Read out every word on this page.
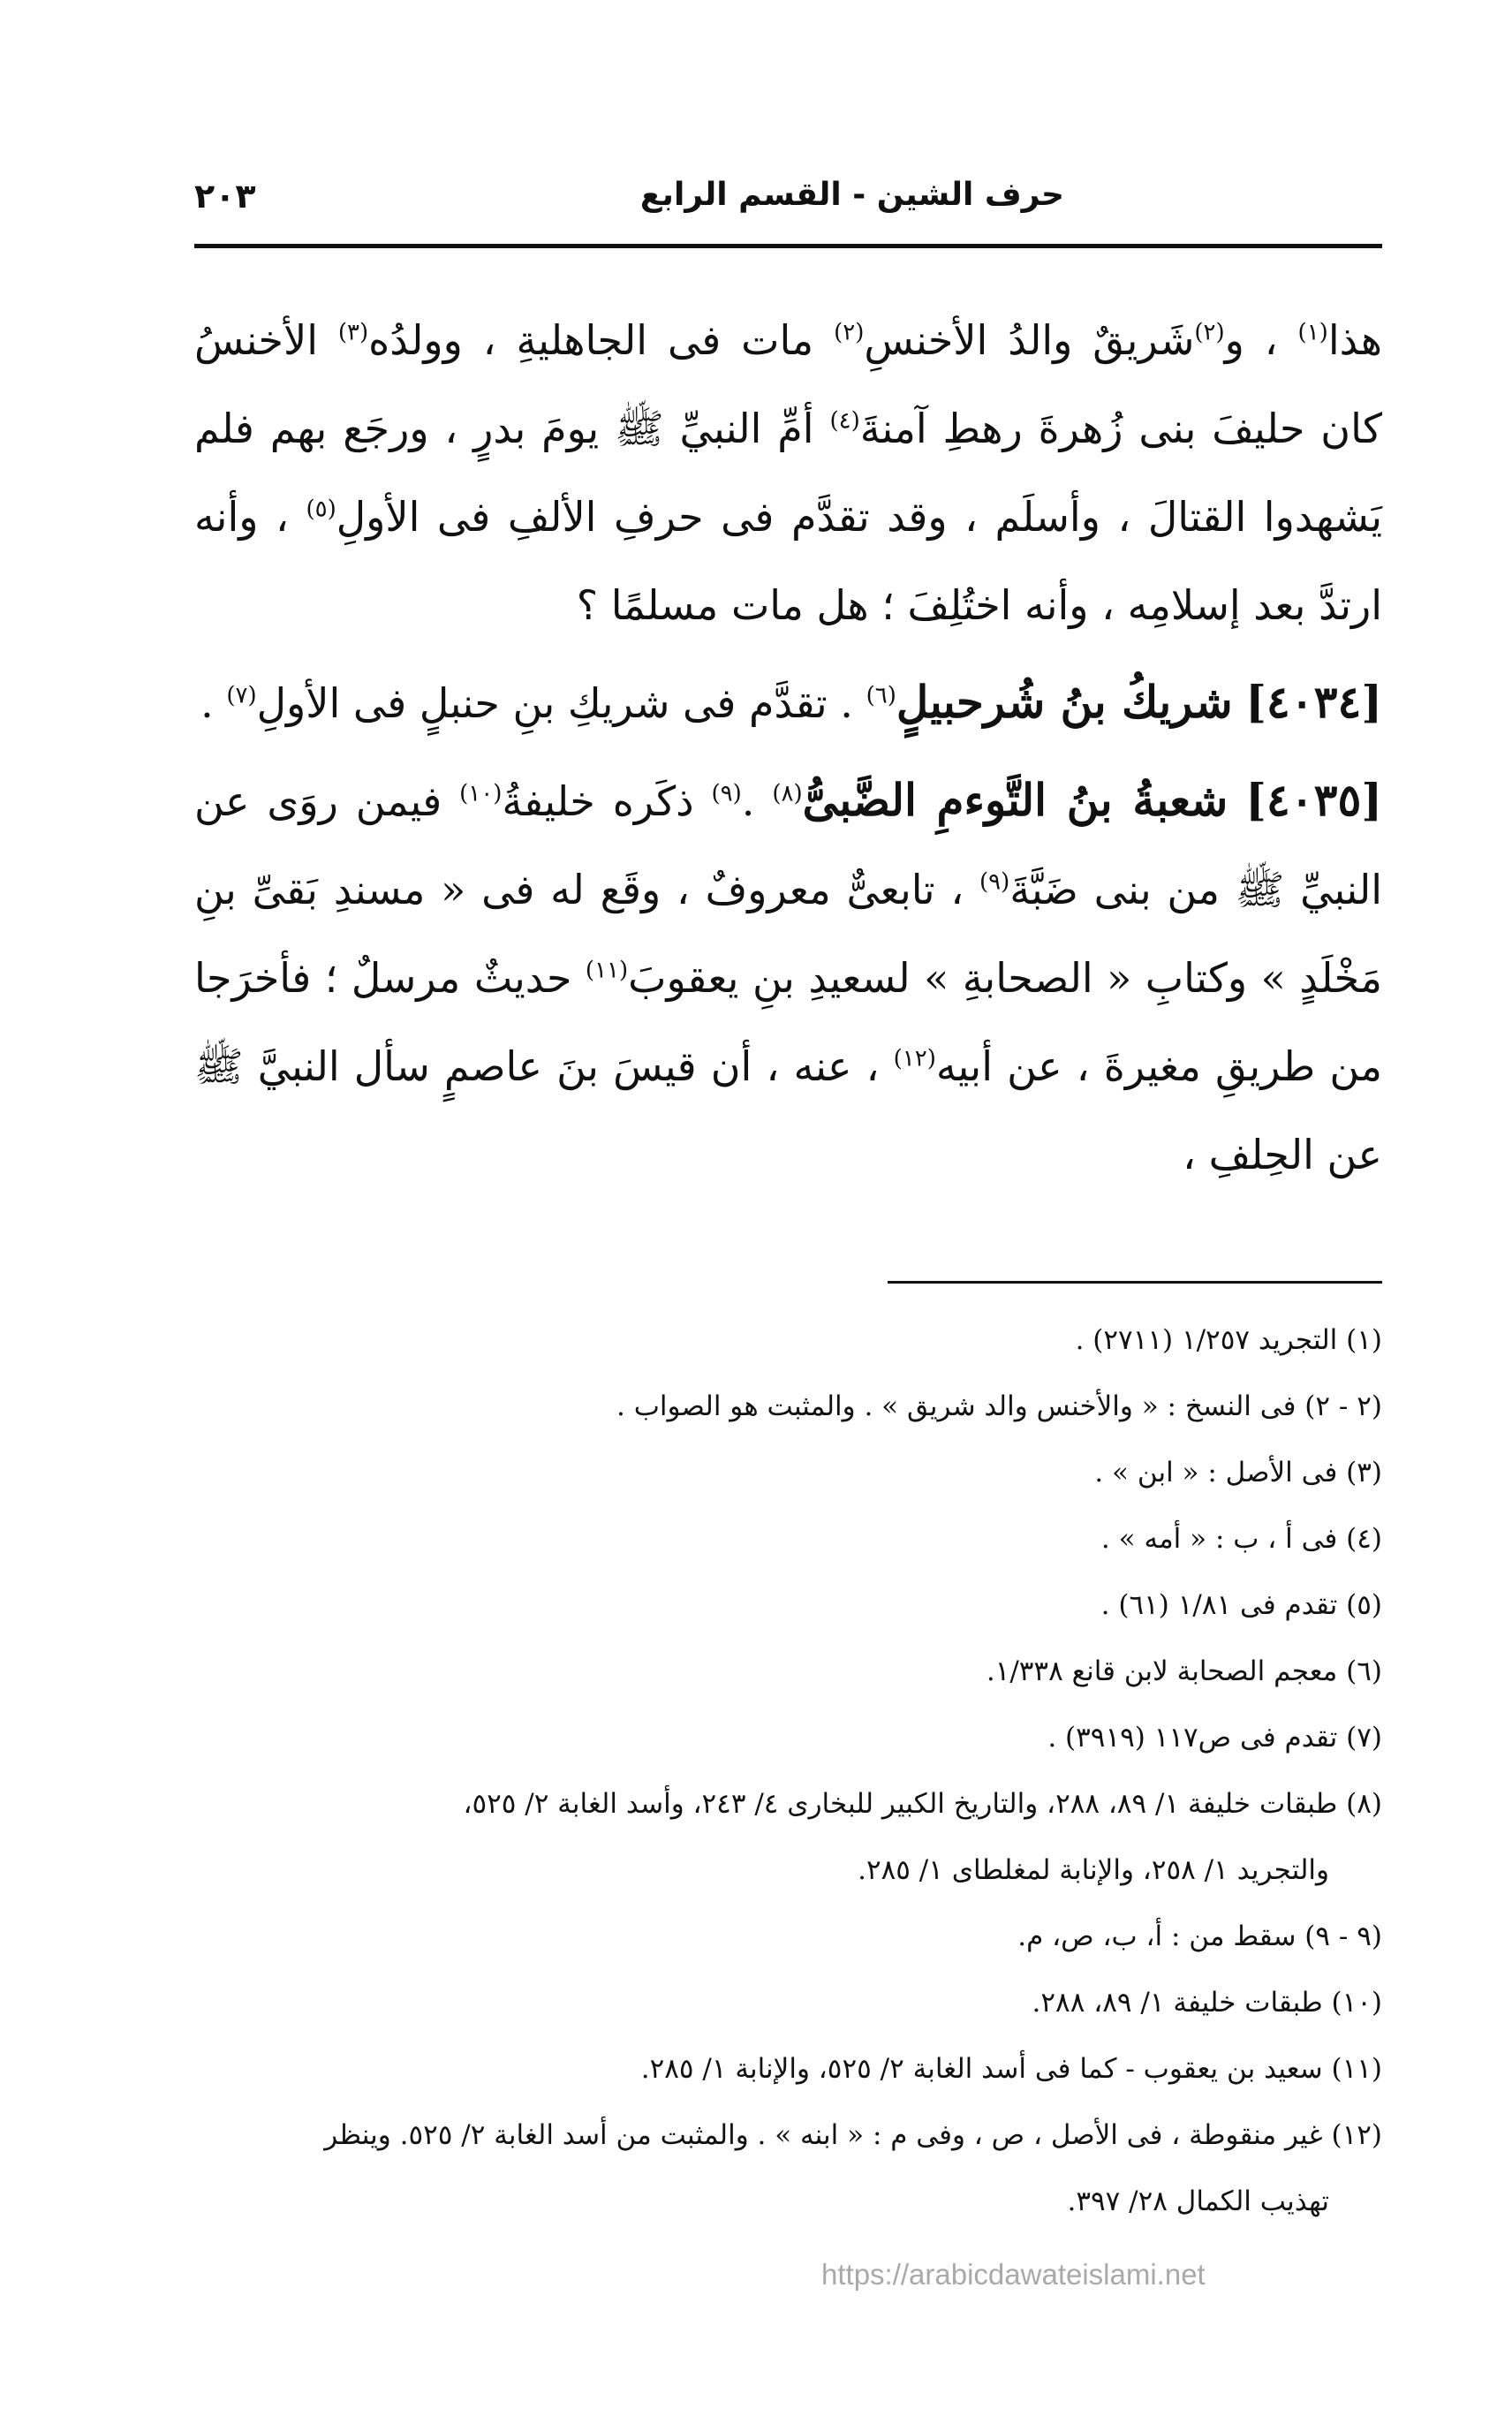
حرف الشين - القسم الرابع
٢٠٣

هذا$^{(١)}$ ، و$^{(٢)}$شَريقٌ والدُ الأخنسِ$^{(٢)}$ مات فى الجاهليةِ ، وولدُه$^{(٣)}$ الأخنسُ كان حليفَ بنى زُهرةَ رهطِ آمنةَ$^{(٤)}$ أمِّ النبيِّ ﷺ يومَ بدرٍ ، ورجَع بهم فلم يَشهدوا القتالَ ، وأسلَم ، وقد تقدَّم فى حرفِ الألفِ فى الأولِ$^{(٥)}$ ، وأنه ارتدَّ بعد إسلامِه ، وأنه اختُلِفَ ؛ هل مات مسلمًا ؟

[٤٠٣٤] شريكُ بنُ شُرحبيلٍ$^{(٦)}$ . تقدَّم فى شريكِ بنِ حنبلٍ فى الأولِ$^{(٧)}$ .

[٤٠٣٥] شعبةُ بنُ التَّوءمِ الضَّبىُّ$^{(٨)}$ .$^{(٩)}$ ذكَره خليفةُ$^{(١٠)}$ فيمن روَى عن النبيِّ ﷺ من بنى ضَبَّةَ$^{(٩)}$ ، تابعىٌّ معروفٌ ، وقَع له فى « مسندِ بَقىِّ بنِ مَخْلَدٍ » وكتابِ « الصحابةِ » لسعيدِ بنِ يعقوبَ$^{(١١)}$ حديثٌ مرسلٌ ؛ فأخرَجا من طريقِ مغيرةَ ، عن أبيه$^{(١٢)}$ ، عنه ، أن قيسَ بنَ عاصمٍ سأل النبيَّ ﷺ عن الحِلفِ ،

(١) التجريد ١/٢٥٧ (٢٧١١) .

(٢ - ٢) فى النسخ : « والأخنس والد شريق » . والمثبت هو الصواب .

(٣) فى الأصل : « ابن » .

(٤) فى أ ، ب : « أمه » .

(٥) تقدم فى ١/٨١ (٦١) .

(٦) معجم الصحابة لابن قانع ١/٣٣٨.

(٧) تقدم فى ص١١٧ (٣٩١٩) .

(٨) طبقات خليفة ١/ ٨٩، ٢٨٨، والتاريخ الكبير للبخارى ٤/ ٢٤٣، وأسد الغابة ٢/ ٥٢٥،

والتجريد ١/ ٢٥٨، والإنابة لمغلطاى ١/ ٢٨٥.

(٩ - ٩) سقط من : أ، ب، ص، م.

(١٠) طبقات خليفة ١/ ٨٩، ٢٨٨.

(١١) سعيد بن يعقوب - كما فى أسد الغابة ٢/ ٥٢٥، والإنابة ١/ ٢٨٥.

(١٢) غير منقوطة ، فى الأصل ، ص ، وفى م : « ابنه » . والمثبت من أسد الغابة ٢/ ٥٢٥. وينظر

تهذيب الكمال ٢٨/ ٣٩٧.

https://arabicdawateislami.net
